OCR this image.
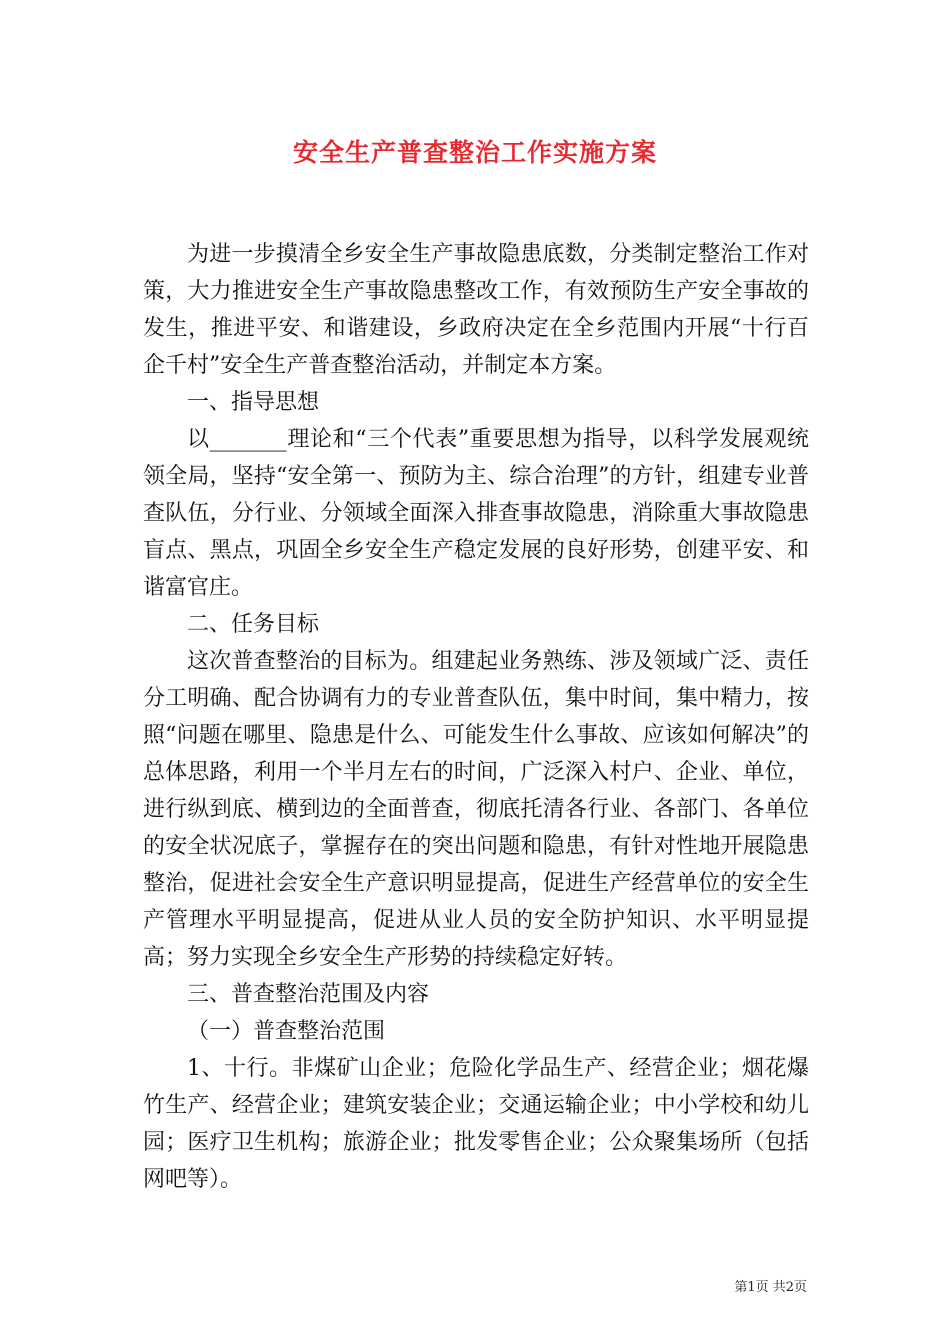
安全生产普查整治工作实施方案

为进一步摸清全乡安全生产事故隐患底数，分类制定整治工作对策，大力推进安全生产事故隐患整改工作，有效预防生产安全事故的发生，推进平安、和谐建设，乡政府决定在全乡范围内开展“十行百企千村”安全生产普查整治活动，并制定本方案。

一、指导思想

以_______理论和“三个代表”重要思想为指导，以科学发展观统领全局，坚持“安全第一、预防为主、综合治理”的方针，组建专业普查队伍，分行业、分领域全面深入排查事故隐患，消除重大事故隐患盲点、黑点，巩固全乡安全生产稳定发展的良好形势，创建平安、和谐富官庄。

二、任务目标

这次普查整治的目标为。组建起业务熟练、涉及领域广泛、责任分工明确、配合协调有力的专业普查队伍，集中时间，集中精力，按照“问题在哪里、隐患是什么、可能发生什么事故、应该如何解决”的总体思路，利用一个半月左右的时间，广泛深入村户、企业、单位，进行纵到底、横到边的全面普查，彻底托清各行业、各部门、各单位的安全状况底子，掌握存在的突出问题和隐患，有针对性地开展隐患整治，促进社会安全生产意识明显提高，促进生产经营单位的安全生产管理水平明显提高，促进从业人员的安全防护知识、水平明显提高；努力实现全乡安全生产形势的持续稳定好转。

三、普查整治范围及内容

（一）普查整治范围

1、十行。非煤矿山企业；危险化学品生产、经营企业；烟花爆竹生产、经营企业；建筑安装企业；交通运输企业；中小学校和幼儿园；医疗卫生机构；旅游企业；批发零售企业；公众聚集场所（包括网吧等）。

第1页 共2页
